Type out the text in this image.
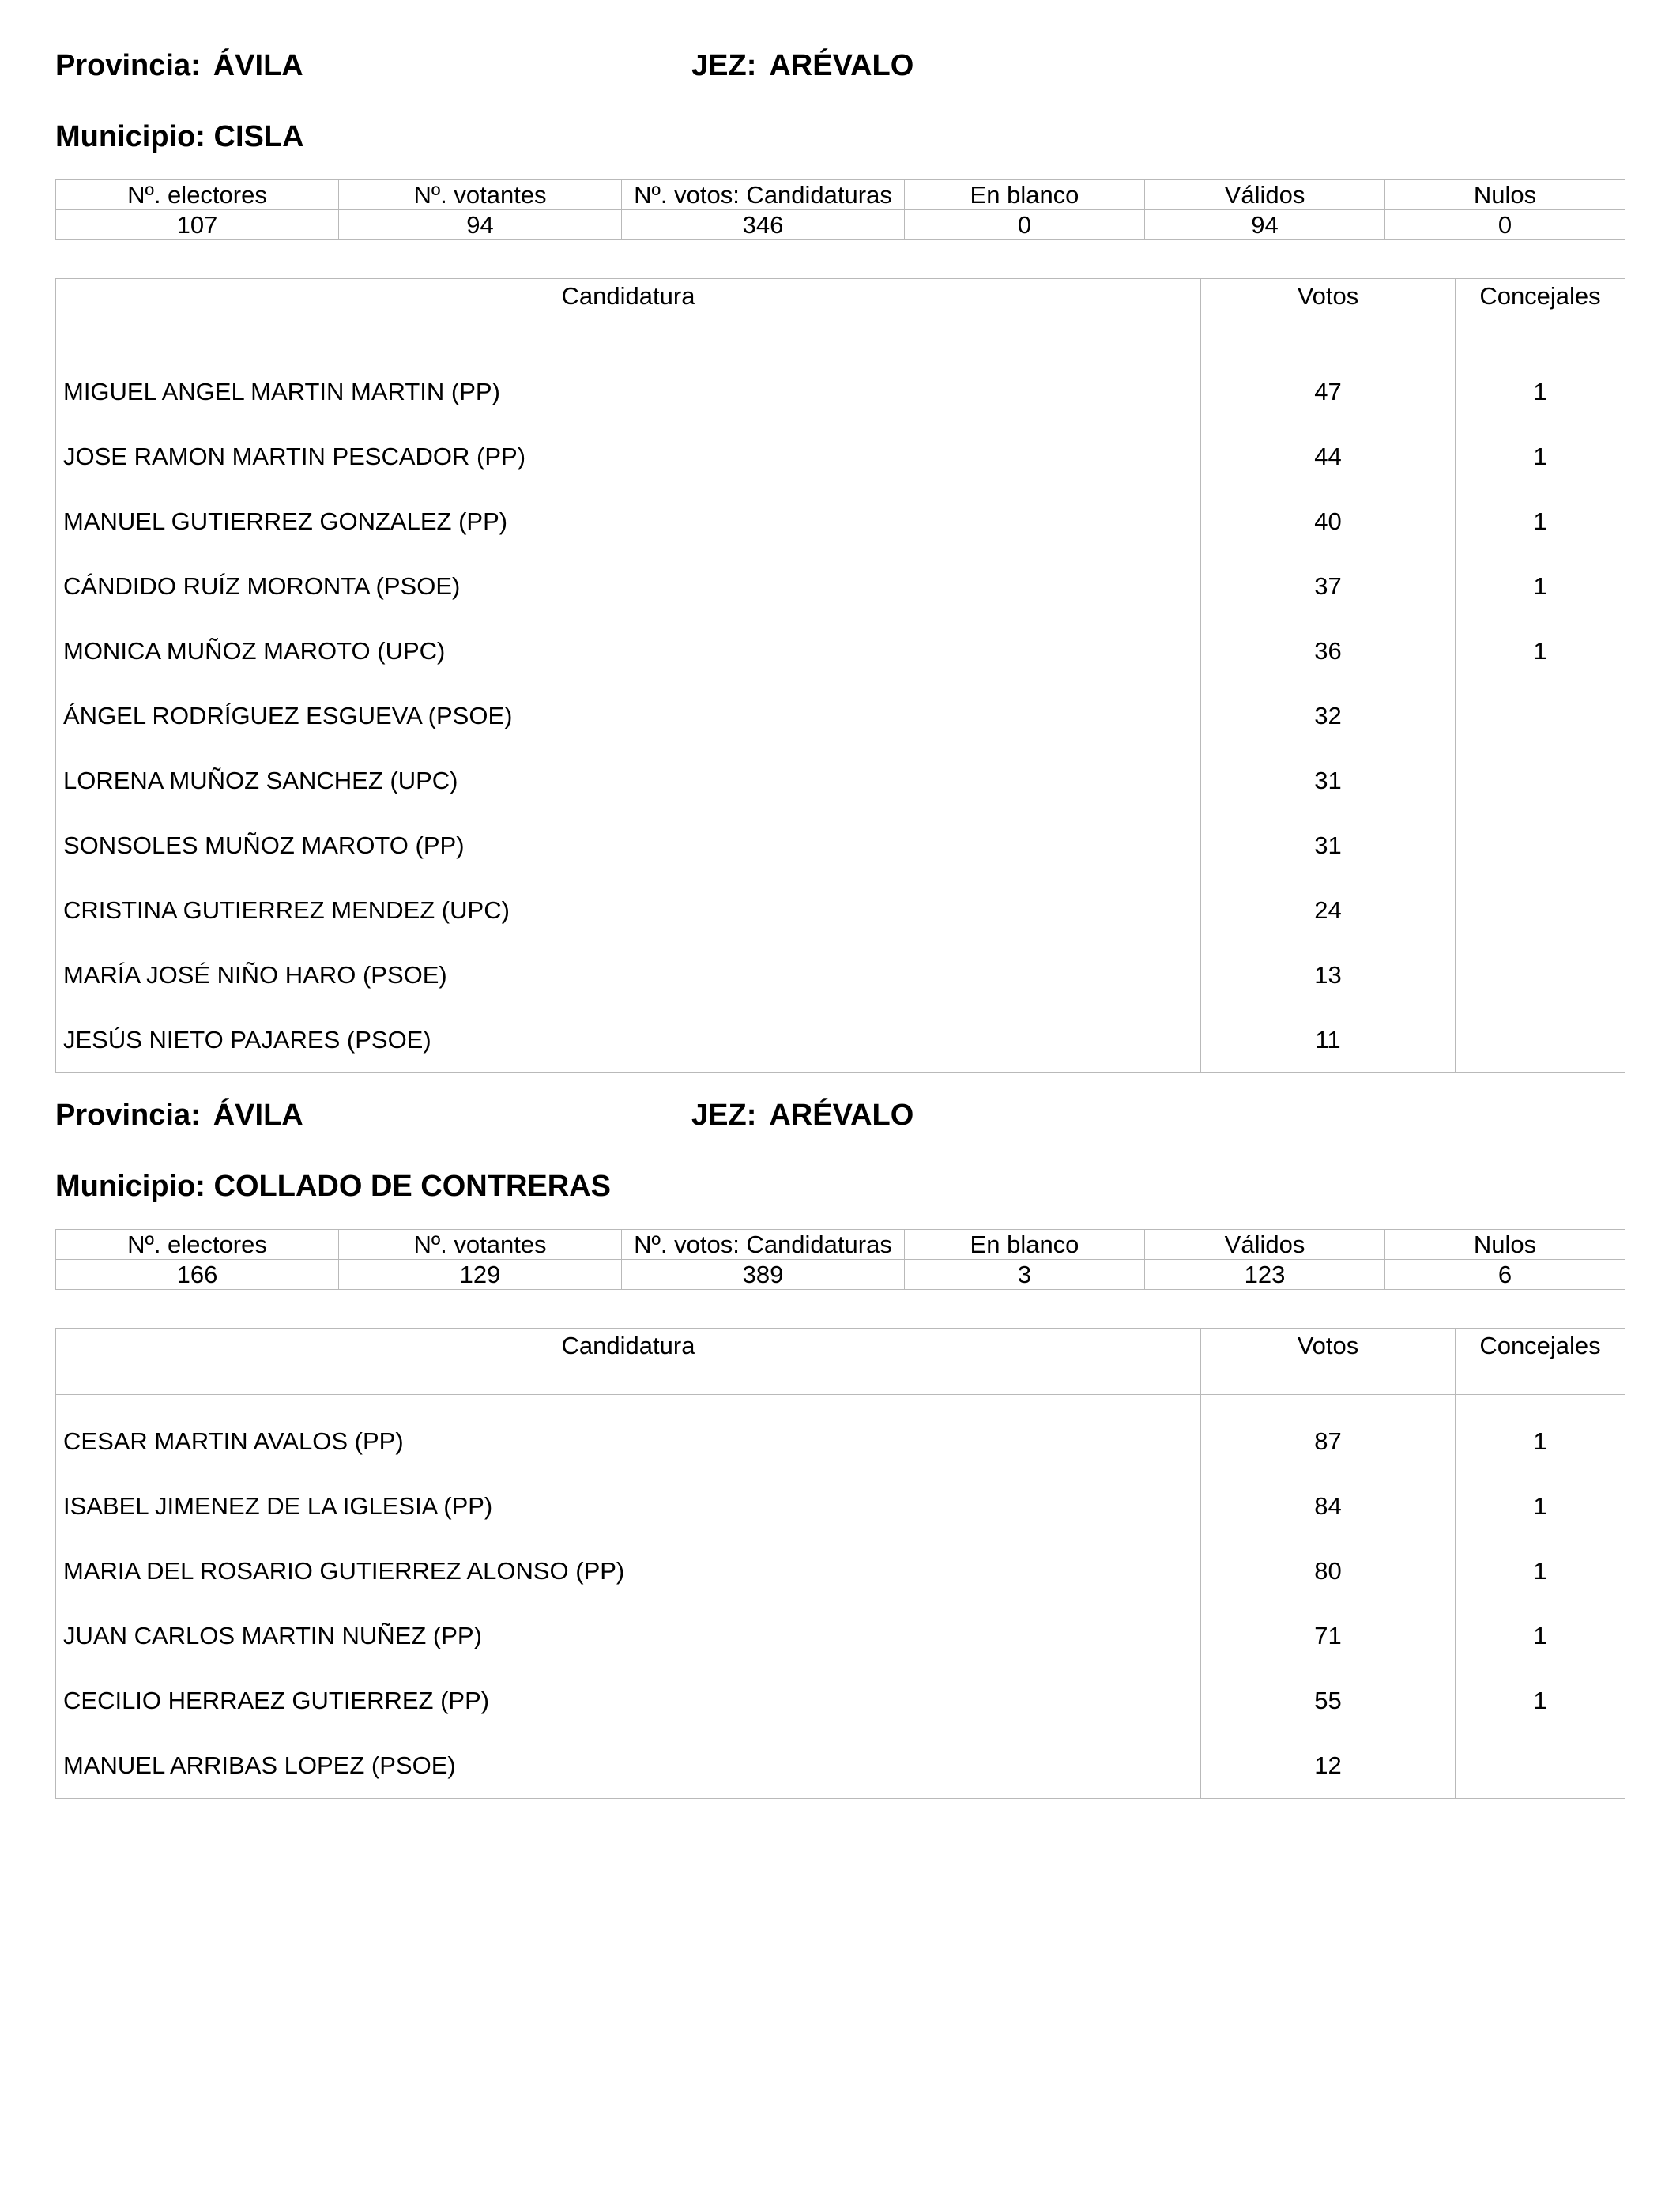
Provincia: ÁVILA	JEZ: ARÉVALO
Municipio: CISLA
Nº. electores	Nº. votantes	Nº. votos: Candidaturas	En blanco	Válidos	Nulos
107	94	346	0	94	0
Candidatura	Votos	Concejales
MIGUEL ANGEL MARTIN MARTIN (PP)	47	1
JOSE RAMON MARTIN PESCADOR (PP)	44	1
MANUEL GUTIERREZ GONZALEZ (PP)	40	1
CÁNDIDO RUÍZ MORONTA (PSOE)	37	1
MONICA MUÑOZ MAROTO (UPC)	36	1
ÁNGEL RODRÍGUEZ ESGUEVA (PSOE)	32	
LORENA MUÑOZ SANCHEZ (UPC)	31	
SONSOLES MUÑOZ MAROTO (PP)	31	
CRISTINA GUTIERREZ MENDEZ (UPC)	24	
MARÍA JOSÉ NIÑO HARO (PSOE)	13	
JESÚS NIETO PAJARES (PSOE)	11	
Provincia: ÁVILA	JEZ: ARÉVALO
Municipio: COLLADO DE CONTRERAS
Nº. electores	Nº. votantes	Nº. votos: Candidaturas	En blanco	Válidos	Nulos
166	129	389	3	123	6
Candidatura	Votos	Concejales
CESAR MARTIN AVALOS (PP)	87	1
ISABEL JIMENEZ DE LA IGLESIA (PP)	84	1
MARIA DEL ROSARIO GUTIERREZ ALONSO (PP)	80	1
JUAN CARLOS MARTIN NUÑEZ (PP)	71	1
CECILIO HERRAEZ GUTIERREZ (PP)	55	1
MANUEL ARRIBAS LOPEZ (PSOE)	12	
